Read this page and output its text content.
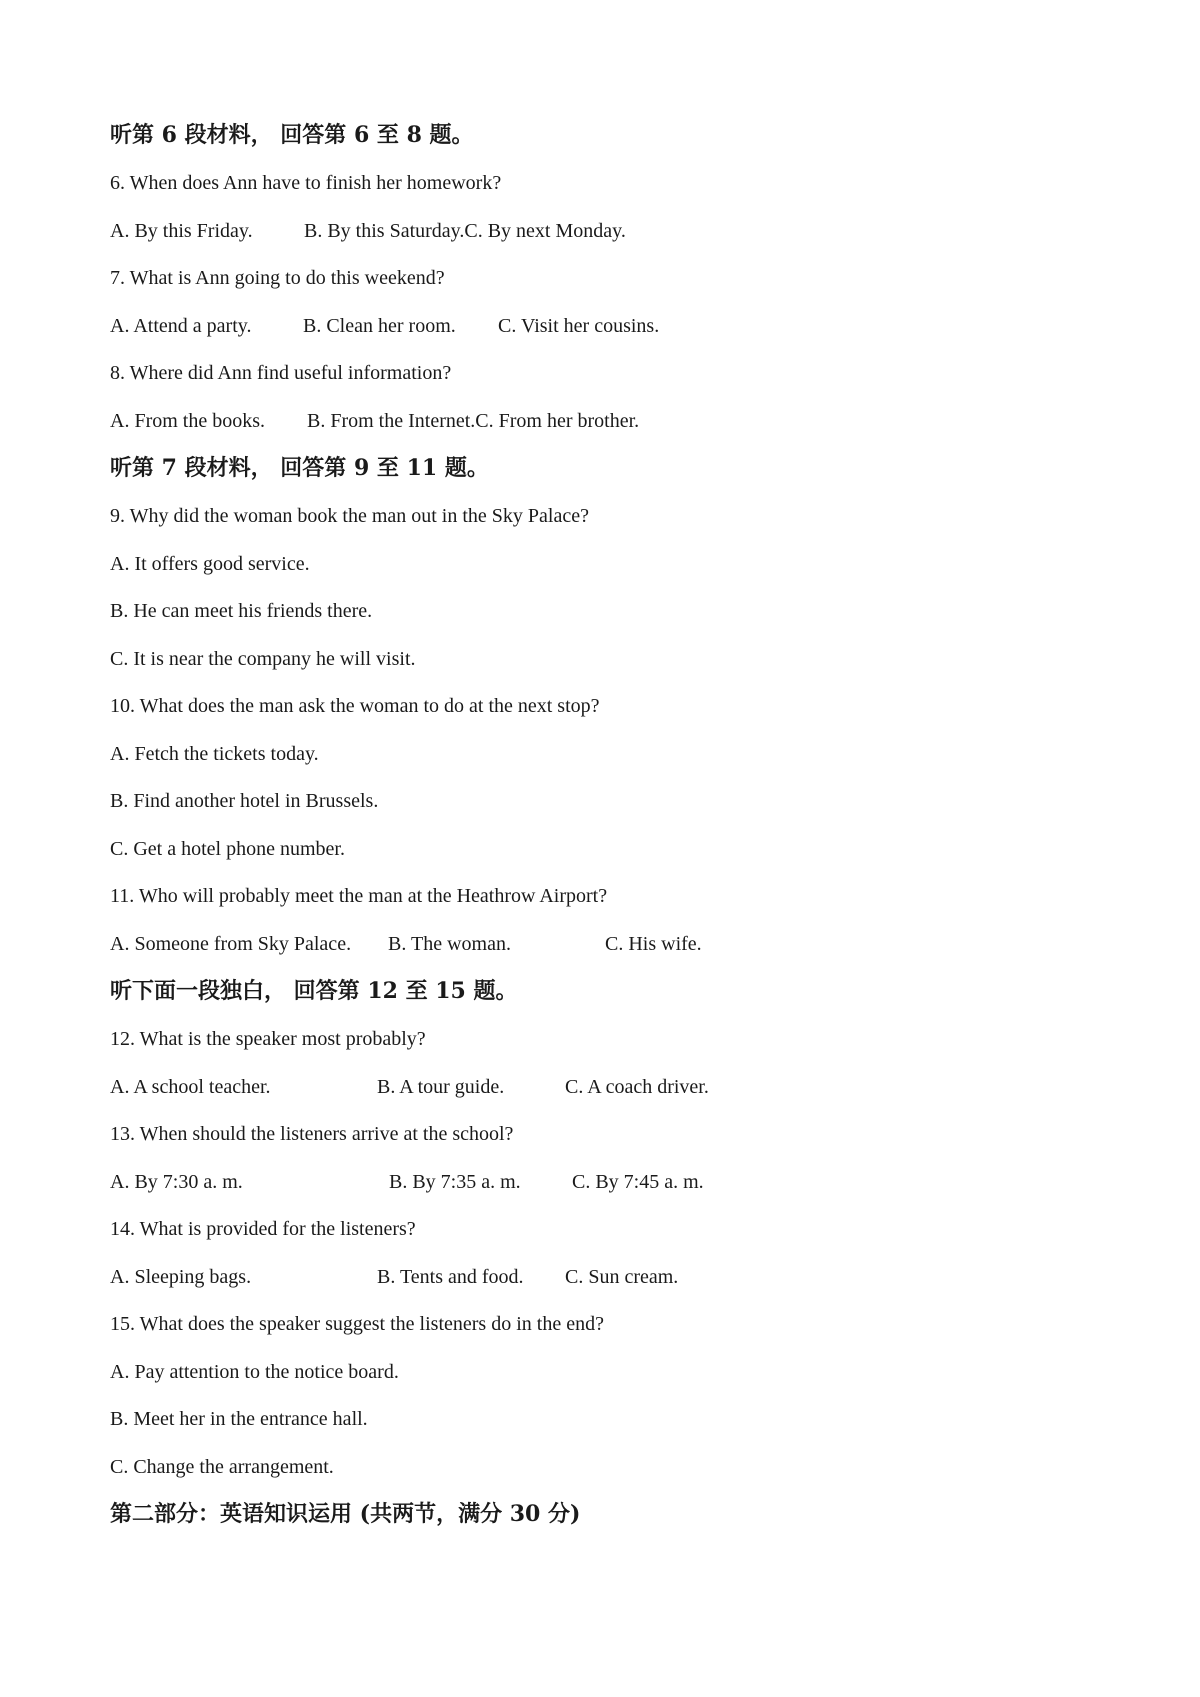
听第 6 段材料， 回答第 6 至 8 题。
6. When does Ann have to finish her homework?
A. By this Friday.	B. By this Saturday.C. By next Monday.
7. What is Ann going to do this weekend?
A. Attend a party.	B. Clean her room. C. Visit her cousins.
8. Where did Ann find useful information?
A. From the books. B. From the Internet.C. From her brother.
听第 7 段材料， 回答第 9 至 11 题。
9. Why did the woman book the man out in the Sky Palace?
A. It offers good service.
B. He can meet his friends there.
C. It is near the company he will visit.
10. What does the man ask the woman to do at the next stop?
A. Fetch the tickets today.
B. Find another hotel in Brussels.
C. Get a hotel phone number.
11. Who will probably meet the man at the Heathrow Airport?
A. Someone from Sky Palace. B. The woman.	C. His wife.
听下面一段独白， 回答第 12 至 15 题。
12. What is the speaker most probably?
A. A school teacher.	B. A tour guide.	C. A coach driver.
13. When should the listeners arrive at the school?
A. By 7:30 a. m.	B. By 7:35 a. m.	C. By 7:45 a. m.
14. What is provided for the listeners?
A. Sleeping bags.	B. Tents and food. C. Sun cream.
15. What does the speaker suggest the listeners do in the end?
A. Pay attention to the notice board.
B. Meet her in the entrance hall.
C. Change the arrangement.
第二部分：英语知识运用 (共两节，满分 30 分)
